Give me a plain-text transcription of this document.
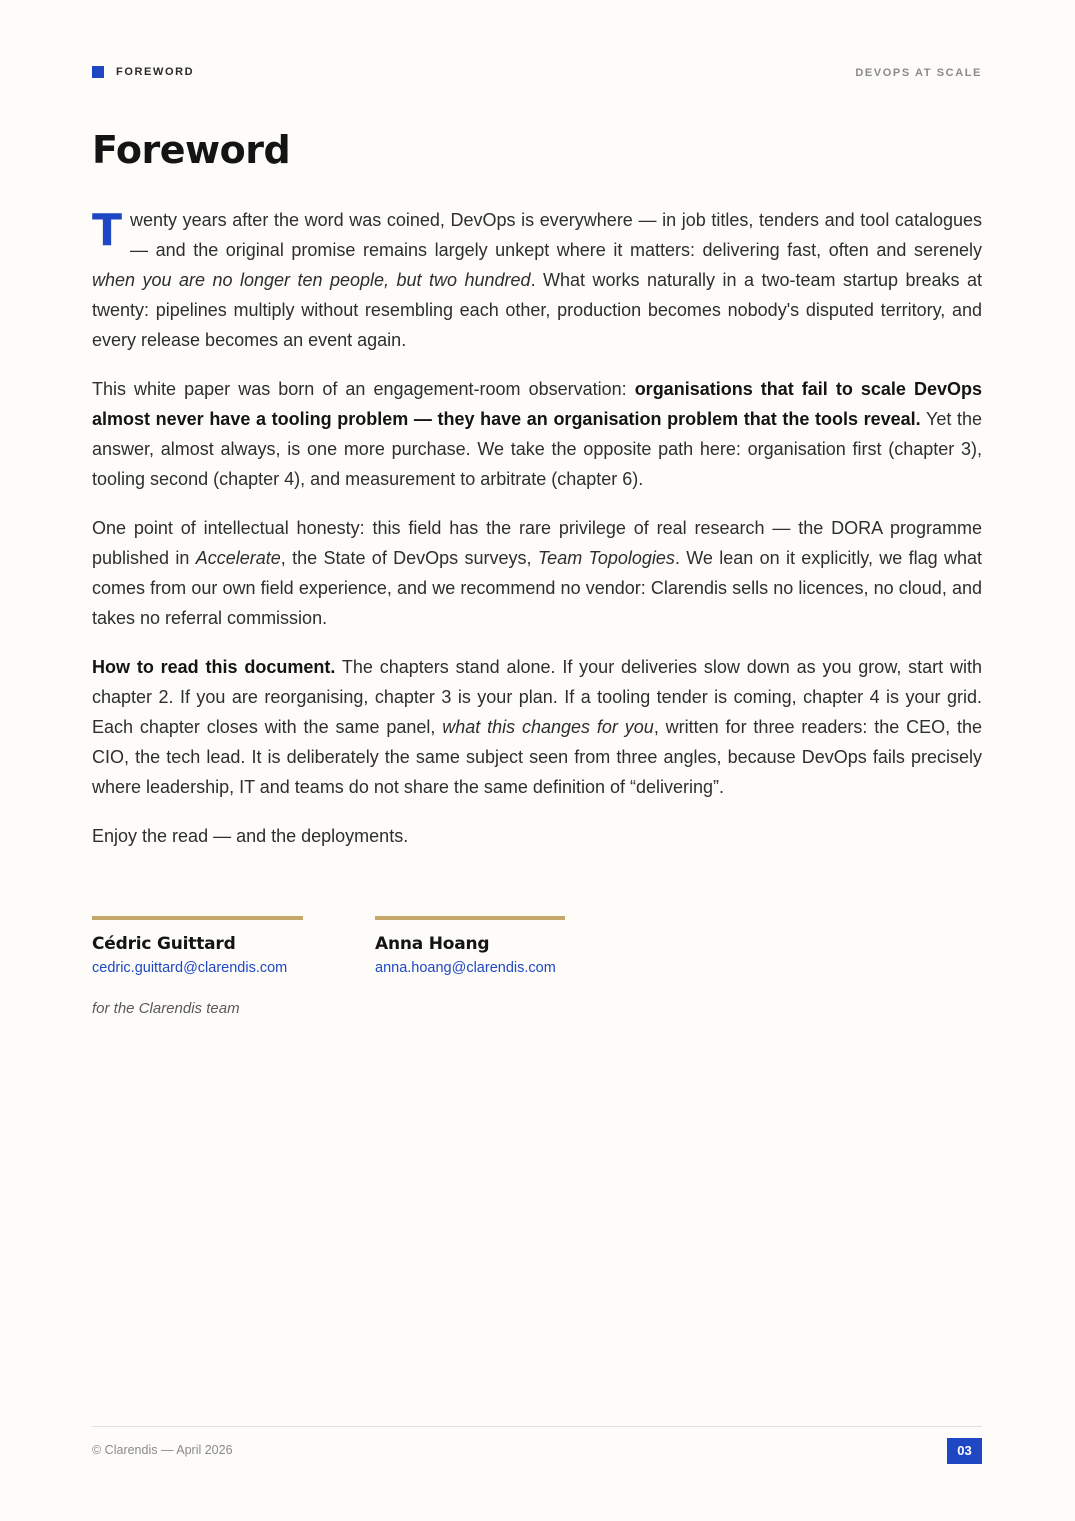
FOREWORD	DEVOPS AT SCALE
Foreword

Twenty years after the word was coined, DevOps is everywhere — in job titles, tenders and tool catalogues — and the original promise remains largely unkept where it matters: delivering fast, often and serenely when you are no longer ten people, but two hundred. What works naturally in a two-team startup breaks at twenty: pipelines multiply without resembling each other, production becomes nobody's disputed territory, and every release becomes an event again.

This white paper was born of an engagement-room observation: organisations that fail to scale DevOps almost never have a tooling problem — they have an organisation problem that the tools reveal. Yet the answer, almost always, is one more purchase. We take the opposite path here: organisation first (chapter 3), tooling second (chapter 4), and measurement to arbitrate (chapter 6).

One point of intellectual honesty: this field has the rare privilege of real research — the DORA programme published in Accelerate, the State of DevOps surveys, Team Topologies. We lean on it explicitly, we flag what comes from our own field experience, and we recommend no vendor: Clarendis sells no licences, no cloud, and takes no referral commission.

How to read this document. The chapters stand alone. If your deliveries slow down as you grow, start with chapter 2. If you are reorganising, chapter 3 is your plan. If a tooling tender is coming, chapter 4 is your grid. Each chapter closes with the same panel, what this changes for you, written for three readers: the CEO, the CIO, the tech lead. It is deliberately the same subject seen from three angles, because DevOps fails precisely where leadership, IT and teams do not share the same definition of “delivering”.

Enjoy the read — and the deployments.

Cédric Guittard
cedric.guittard@clarendis.com
Anna Hoang
anna.hoang@clarendis.com
for the Clarendis team
© Clarendis — April 2026	03
